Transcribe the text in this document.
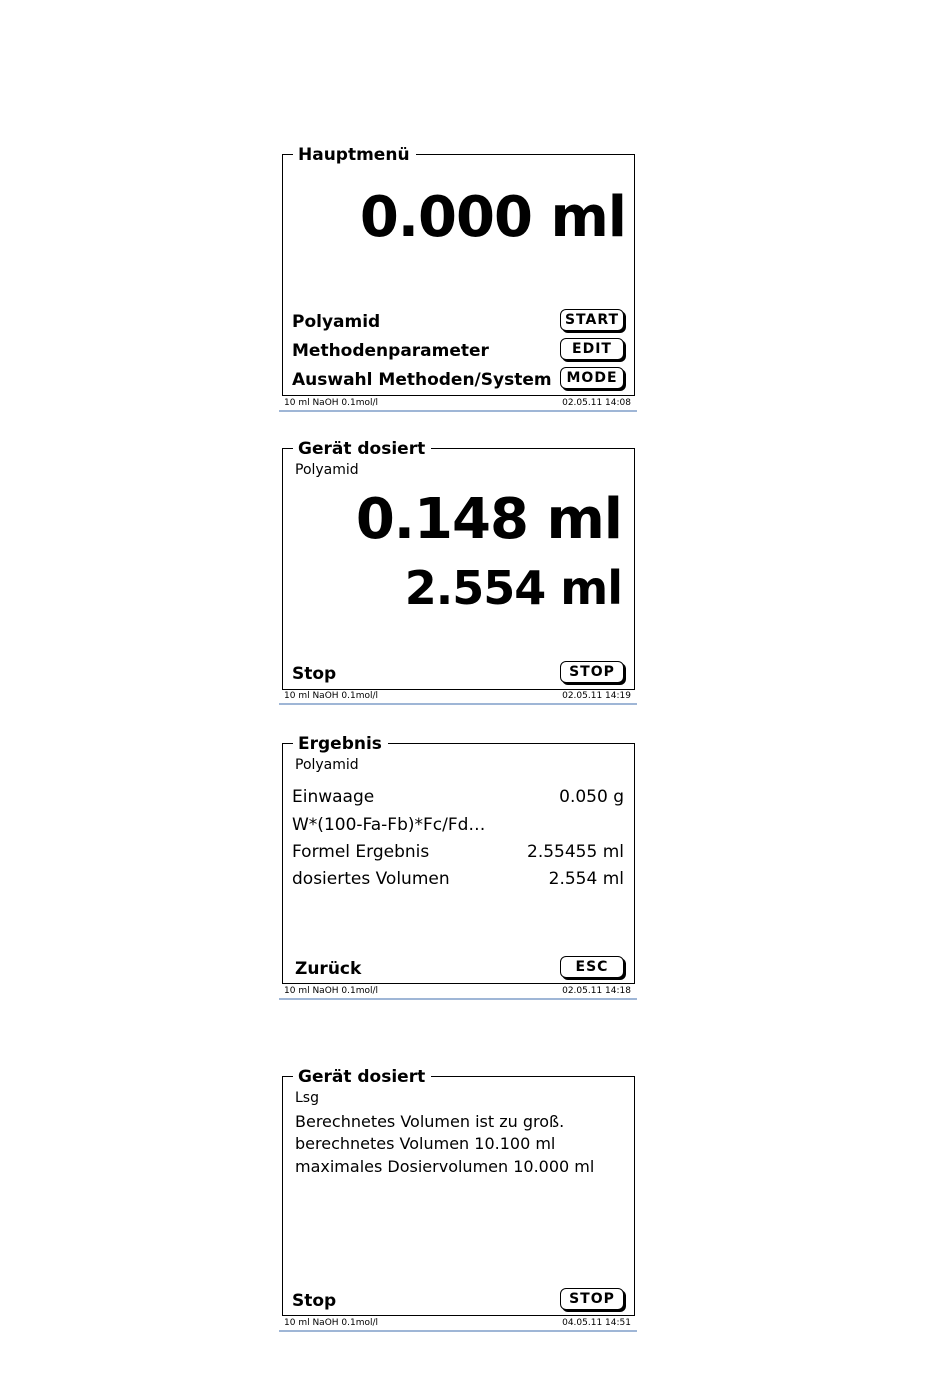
Hauptmenü
0.000 ml
Polyamid	START
Methodenparameter	EDIT
Auswahl Methoden/System	MODE
10 ml NaOH 0.1mol/l	02.05.11 14:08
Gerät dosiert
Polyamid
0.148 ml
2.554 ml
Stop	STOP
10 ml NaOH 0.1mol/l	02.05.11 14:19
Ergebnis
Polyamid
Einwaage	0.050 g
W*(100-Fa-Fb)*Fc/Fd…
Formel Ergebnis	2.55455 ml
dosiertes Volumen	2.554 ml
Zurück	ESC
10 ml NaOH 0.1mol/l	02.05.11 14:18
Gerät dosiert
Lsg
Berechnetes Volumen ist zu groß.
berechnetes Volumen 10.100 ml
maximales Dosiervolumen 10.000 ml
Stop	STOP
10 ml NaOH 0.1mol/l	04.05.11 14:51
